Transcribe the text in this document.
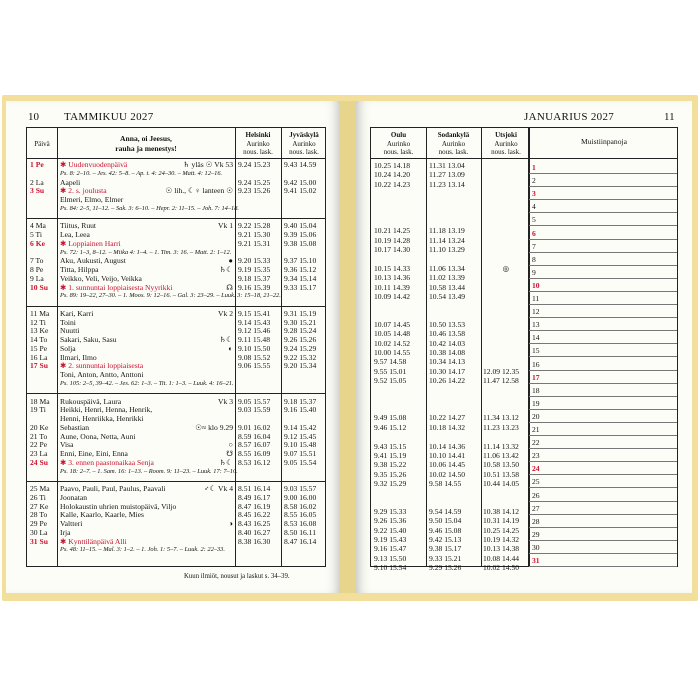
10 TAMMIKUU 2027
Päivä
Anna, oi Jeesus,
rauha ja menestys!
Helsinki
Aurinko
nous. lask.
Jyväskylä
Aurinko
nous. lask.
1 Pe ✱ Uudenvuodenpäivä	♄ yläs ☉ Vk 53 9.24 15.23 9.43 14.59
Ps. 8: 2–10. – Jes. 42: 5–8. – Ap. t. 4: 24–30. – Matt. 4: 12–16.
2 La Aapeli	9.24 15.25 9.42 15.00
3 Su ✱ 2. s. joulusta	☉ lih., ☾♀ lanteen ☉ 9.23 15.26 9.41 15.02
Elmeri, Elmo, Elmer
Ps. 84: 2–5, 11–12. – Sak. 3: 6–10. – Hepr. 2: 11–15. – Joh. 7: 14–18.
4 Ma Tiitus, Ruut	Vk 1 9.22 15.28 9.40 15.04
5 Ti Lea, Leea	9.21 15.30 9.39 15.06
6 Ke ✱ Loppiainen Harri	9.21 15.31 9.38 15.08
Ps. 72: 1–3, 8–12. – Miika 4: 1–4. – 1. Tim. 3: 16. – Matt. 2: 1–12.
7 To Aku, Aukusti, August	● 9.20 15.33 9.37 15.10
8 Pe Titta, Hilppa	♄☾ 9.19 15.35 9.36 15.12
9 La Veikko, Veli, Veijo, Veikka	9.18 15.37 9.34 15.14
10 Su ✱ 1. sunnuntai loppiaisesta Nyyrikki	☊ 9.16 15.39 9.33 15.17
Ps. 89: 19–22, 27–30. – 1. Moos. 9: 12–16. – Gal. 3: 23–29. – Luuk. 3: 15–18, 21–22.
11 Ma Kari, Karri	Vk 2 9.15 15.41 9.31 15.19
12 Ti Toini	9.14 15.43 9.30 15.21
13 Ke Nuutti	9.12 15.46 9.28 15.24
14 To Sakari, Saku, Sasu	♄☾ 9.11 15.48 9.26 15.26
15 Pe Solja	◐ 9.10 15.50 9.24 15.29
16 La Ilmari, Ilmo	9.08 15.52 9.22 15.32
17 Su ✱ 2. sunnuntai loppiaisesta	9.06 15.55 9.20 15.34
Toni, Anton, Antto, Anttoni
Ps. 105: 2–5, 39–42. – Jes. 62: 1–3. – Tit. 1: 1–3. – Luuk. 4: 16–21.
18 Ma Rukouspäivä, Laura	Vk 3 9.05 15.57 9.18 15.37
19 Ti Heikki, Henri, Henna, Henrik,	9.03 15.59 9.16 15.40
Henni, Henriikka, Henrikki
20 Ke Sebastian	☉≈ klo 9.29 9.01 16.02 9.14 15.42
21 To Aune, Oona, Netta, Auni	8.59 16.04 9.12 15.45
22 Pe Visa	○ 8.57 16.07 9.10 15.48
23 La Enni, Eine, Eini, Enna	☋ 8.55 16.09 9.07 15.51
24 Su ✱ 3. ennen paastonaikaa Senja	♄☾ 8.53 16.12 9.05 15.54
Ps. 18: 2–7. – 1. Sam. 16: 1–13. – Room. 9: 11–23. – Luuk. 17: 7–10.
25 Ma Paavo, Pauli, Paul, Paulus, Paavali	♂☾ Vk 4 8.51 16.14 9.03 15.57
26 Ti Joonatan	8.49 16.17 9.00 16.00
27 Ke Holokaustin uhrien muistopäivä, Viljo	8.47 16.19 8.58 16.02
28 To Kalle, Kaarlo, Kaarle, Mies	8.45 16.22 8.55 16.05
29 Pe Valtteri	◑ 8.43 16.25 8.53 16.08
30 La Irja	8.40 16.27 8.50 16.11
31 Su ✱ Kynttilänpäivä Alli	8.38 16.30 8.47 16.14
Ps. 48: 11–15. – Mal. 3: 1–2. – 1. Joh. 1: 5–7. – Luuk. 2: 22–33.
Kuun ilmiöt, nousut ja laskut s. 34–39.
JANUARIUS 2027	11
Oulu
Aurinko
nous. lask.
Sodankylä
Aurinko
nous. lask.
Utsjoki
Aurinko
nous. lask.
10.25 14.18 11.31 13.04
10.24 14.20 11.27 13.09
10.22 14.23 11.23 13.14
10.21 14.25 11.18 13.19
10.19 14.28 11.14 13.24
10.17 14.30 11.10 13.29
10.15 14.33 11.06 13.34	◎
10.13 14.36 11.02 13.39
10.11 14.39	10.58 13.44
10.09 14.42 10.54 13.49
10.07 14.45 10.50 13.53
10.05 14.48 10.46 13.58
10.02 14.52 10.42 14.03
10.00 14.55 10.38 14.08
9.57 14.58	10.34 14.13
9.55 15.01	10.30 14.17 12.09 12.35
9.52 15.05	10.26 14.22 11.47 12.58
9.49 15.08	10.22 14.27 11.34 13.12
9.46 15.12	10.18 14.32 11.23 13.23
9.43 15.15	10.14 14.36 11.14 13.32
9.41 15.19	10.10 14.41 11.06 13.42
9.38 15.22	10.06 14.45 10.58 13.50
9.35 15.26	10.02 14.50 10.51 13.58
9.32 15.29	9.58 14.55	10.44 14.05
9.29 15.33	9.54 14.59	10.38 14.12
9.26 15.36	9.50 15.04	10.31 14.19
9.22 15.40	9.46 15.08	10.25 14.25
9.19 15.43	9.42 15.13	10.19 14.32
9.16 15.47	9.38 15.17	10.13 14.38
9.13 15.50	9.33 15.21	10.08 14.44
9.10 15.54	9.29 15.26	10.02 14.50
Muistiinpanoja
1
2
3
4
5
6
7
8
9
10
11
12
13
14
15
16
17
18
19
20
21
22
23
24
25
26
27
28
29
30
31
